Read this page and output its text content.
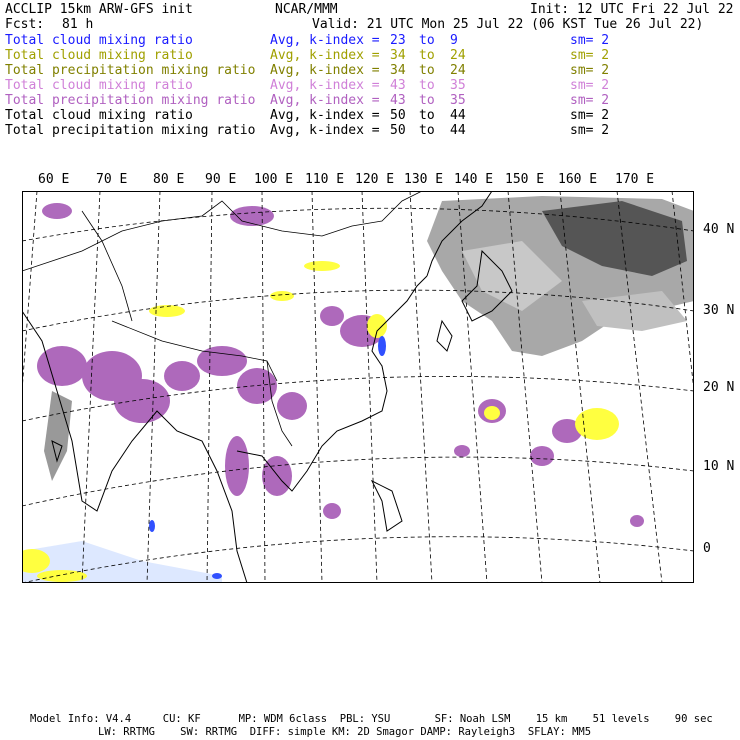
ACCLIP 15km ARW-GFS init	NCAR/MMM	Init: 12 UTC Fri 22 Jul 22
Fcst: 81 h	Valid: 21 UTC Mon 25 Jul 22 (06 KST Tue 26 Jul 22)
Total cloud mixing ratio	Avg, k-index = 23 to 9	sm= 2
Total cloud mixing ratio	Avg, k-index = 34 to 24	sm= 2
Total precipitation mixing ratio Avg, k-index = 34 to 24	sm= 2
Total cloud mixing ratio	Avg, k-index = 43 to 35	sm= 2
Total precipitation mixing ratio Avg, k-index = 43 to 35	sm= 2
Total cloud mixing ratio	Avg, k-index = 50 to 44	sm= 2
Total precipitation mixing ratio Avg, k-index = 50 to 44	sm= 2
60 E 70 E 80 E 90 E 100 E 110 E 120 E 130 E 140 E 150 E 160 E 170 E
40 N
30 N
20 N
10 N
0
Model Info: V4.4     CU: KF      MP: WDM 6class  PBL: YSU       SF: Noah LSM    15 km    51 levels    90 sec
LW: RRTMG    SW: RRTMG  DIFF: simple KM: 2D Smagor DAMP: Rayleigh3  SFLAY: MM5
